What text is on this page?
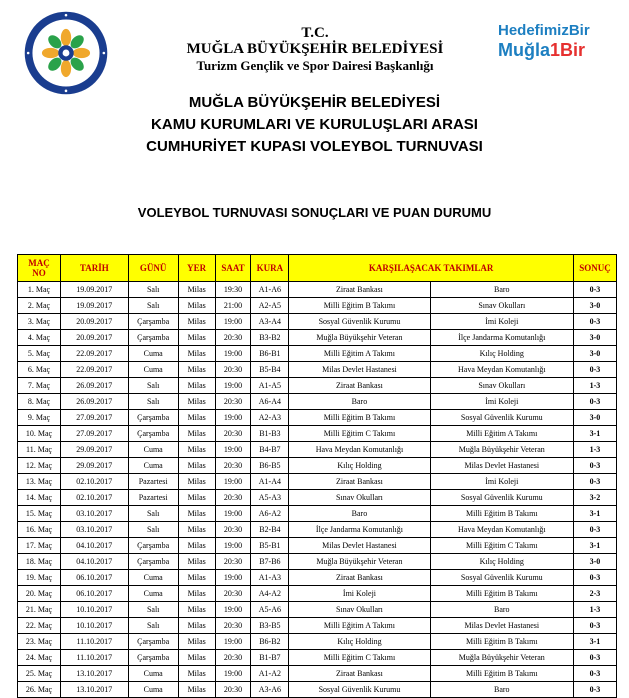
T.C.
MUĞLA BÜYÜKŞEHİR BELEDİYESİ
Turizm Gençlik ve Spor Dairesi Başkanlığı
HedefimizBir
Muğla1Bir
MUĞLA BÜYÜKŞEHİR BELEDİYESİ
KAMU KURUMLARI VE KURULUŞLARI ARASI
CUMHURİYET KUPASI VOLEYBOL TURNUVASI
VOLEYBOL TURNUVASI SONUÇLARI VE PUAN DURUMU
MAÇ
NO	TARİH	GÜNÜ	YER	SAAT	KURA	KARŞILAŞACAK TAKIMLAR		SONUÇ
1. Maç	19.09.2017	Salı	Milas	19:30	A1-A6	Ziraat Bankası	Baro	0-3
2. Maç	19.09.2017	Salı	Milas	21:00	A2-A5	Milli Eğitim B Takımı	Sınav Okulları	3-0
3. Maç	20.09.2017	Çarşamba	Milas	19:00	A3-A4	Sosyal Güvenlik Kurumu	İmi Koleji	0-3
4. Maç	20.09.2017	Çarşamba	Milas	20:30	B3-B2	Muğla Büyükşehir Veteran	İlçe Jandarma Komutanlığı	3-0
5. Maç	22.09.2017	Cuma	Milas	19:00	B6-B1	Milli Eğitim A Takımı	Kılıç Holding	3-0
6. Maç	22.09.2017	Cuma	Milas	20:30	B5-B4	Milas Devlet Hastanesi	Hava Meydan Komutanlığı	0-3
7. Maç	26.09.2017	Salı	Milas	19:00	A1-A5	Ziraat Bankası	Sınav Okulları	1-3
8. Maç	26.09.2017	Salı	Milas	20:30	A6-A4	Baro	İmi Koleji	0-3
9. Maç	27.09.2017	Çarşamba	Milas	19:00	A2-A3	Milli Eğitim B Takımı	Sosyal Güvenlik Kurumu	3-0
10. Maç	27.09.2017	Çarşamba	Milas	20:30	B1-B3	Milli Eğitim C Takımı	Milli Eğitim A Takımı	3-1
11. Maç	29.09.2017	Cuma	Milas	19:00	B4-B7	Hava Meydan Komutanlığı	Muğla Büyükşehir Veteran	1-3
12. Maç	29.09.2017	Cuma	Milas	20:30	B6-B5	Kılıç Holding	Milas Devlet Hastanesi	0-3
13. Maç	02.10.2017	Pazartesi	Milas	19:00	A1-A4	Ziraat Bankası	İmi Koleji	0-3
14. Maç	02.10.2017	Pazartesi	Milas	20:30	A5-A3	Sınav Okulları	Sosyal Güvenlik Kurumu	3-2
15. Maç	03.10.2017	Salı	Milas	19:00	A6-A2	Baro	Milli Eğitim B Takımı	3-1
16. Maç	03.10.2017	Salı	Milas	20:30	B2-B4	İlçe Jandarma Komutanlığı	Hava Meydan Komutanlığı	0-3
17. Maç	04.10.2017	Çarşamba	Milas	19:00	B5-B1	Milas Devlet Hastanesi	Milli Eğitim C Takımı	3-1
18. Maç	04.10.2017	Çarşamba	Milas	20:30	B7-B6	Muğla Büyükşehir Veteran	Kılıç Holding	3-0
19. Maç	06.10.2017	Cuma	Milas	19:00	A1-A3	Ziraat Bankası	Sosyal Güvenlik Kurumu	0-3
20. Maç	06.10.2017	Cuma	Milas	20:30	A4-A2	İmi Koleji	Milli Eğitim B Takımı	2-3
21. Maç	10.10.2017	Salı	Milas	19:00	A5-A6	Sınav Okulları	Baro	1-3
22. Maç	10.10.2017	Salı	Milas	20:30	B3-B5	Milli Eğitim A Takımı	Milas Devlet Hastanesi	0-3
23. Maç	11.10.2017	Çarşamba	Milas	19:00	B6-B2	Kılıç Holding	Milli Eğitim B Takımı	3-1
24. Maç	11.10.2017	Çarşamba	Milas	20:30	B1-B7	Milli Eğitim C Takımı	Muğla Büyükşehir Veteran	0-3
25. Maç	13.10.2017	Cuma	Milas	19:00	A1-A2	Ziraat Bankası	Milli Eğitim B Takımı	0-3
26. Maç	13.10.2017	Cuma	Milas	20:30	A3-A6	Sosyal Güvenlik Kurumu	Baro	0-3
